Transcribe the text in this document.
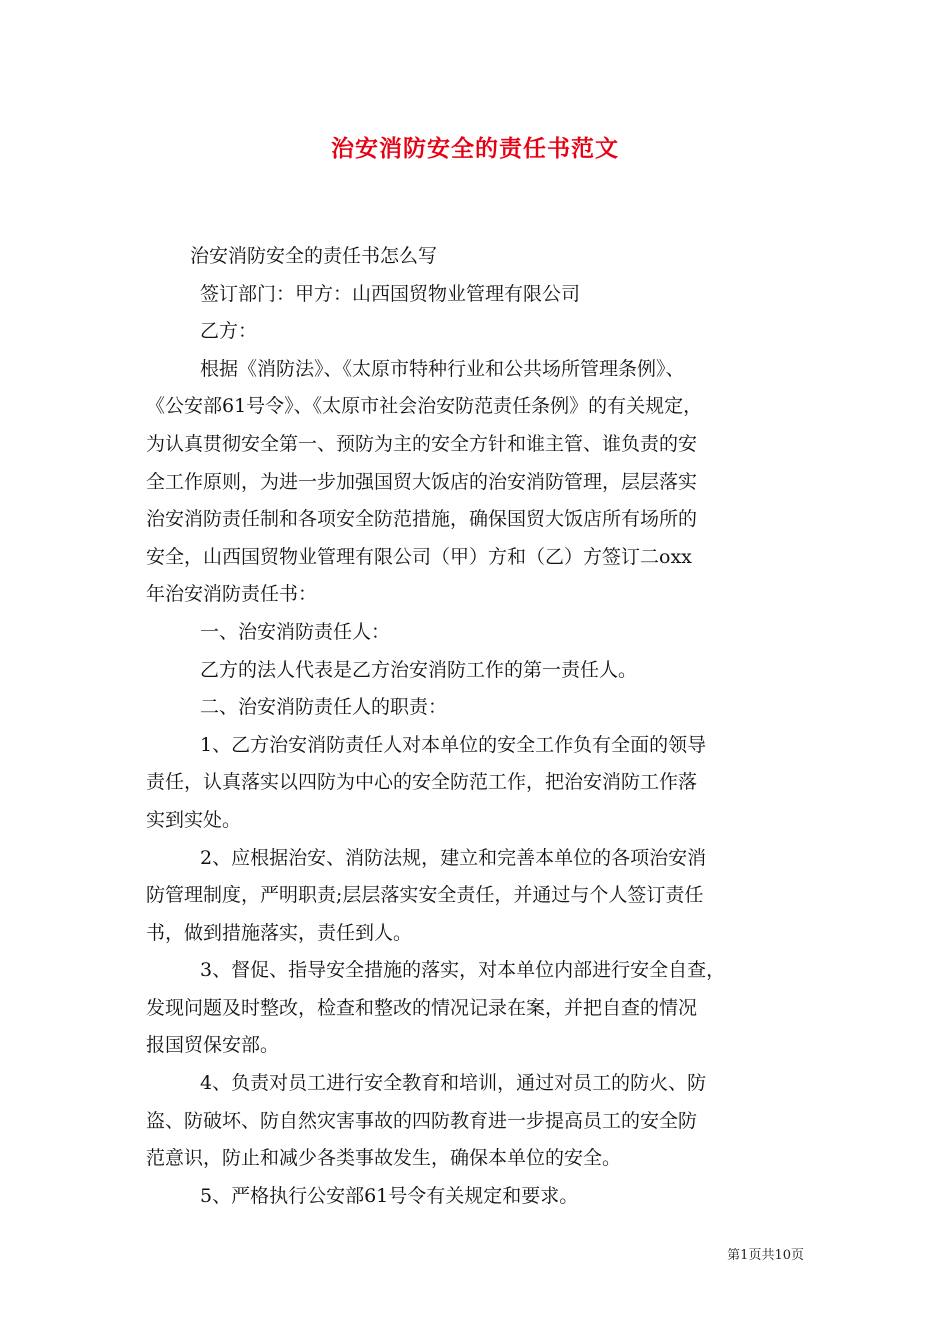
治安消防安全的责任书范文
治安消防安全的责任书怎么写
签订部门：甲方：山西国贸物业管理有限公司
乙方：
根据《消防法》、《太原市特种行业和公共场所管理条例》、
《公安部61号令》、《太原市社会治安防范责任条例》的有关规定，
为认真贯彻安全第一、预防为主的安全方针和谁主管、谁负责的安
全工作原则，为进一步加强国贸大饭店的治安消防管理，层层落实
治安消防责任制和各项安全防范措施，确保国贸大饭店所有场所的
安全，山西国贸物业管理有限公司（甲）方和（乙）方签订二oxx
年治安消防责任书：
一、治安消防责任人：
乙方的法人代表是乙方治安消防工作的第一责任人。
二、治安消防责任人的职责：
1、乙方治安消防责任人对本单位的安全工作负有全面的领导
责任，认真落实以四防为中心的安全防范工作，把治安消防工作落
实到实处。
2、应根据治安、消防法规，建立和完善本单位的各项治安消
防管理制度，严明职责;层层落实安全责任，并通过与个人签订责任
书，做到措施落实，责任到人。
3、督促、指导安全措施的落实，对本单位内部进行安全自查，
发现问题及时整改，检查和整改的情况记录在案，并把自查的情况
报国贸保安部。
4、负责对员工进行安全教育和培训，通过对员工的防火、防
盗、防破坏、防自然灾害事故的四防教育进一步提高员工的安全防
范意识，防止和减少各类事故发生，确保本单位的安全。
5、严格执行公安部61号令有关规定和要求。
第1页共10页
